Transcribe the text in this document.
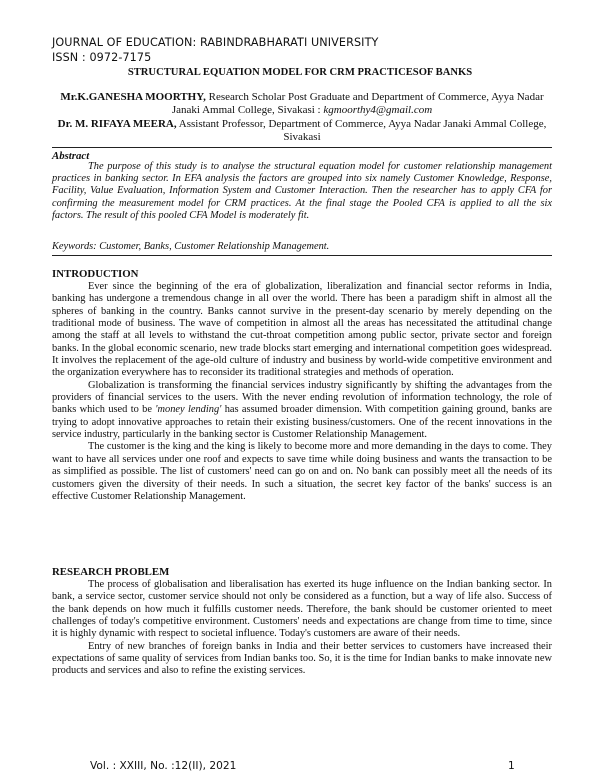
JOURNAL OF EDUCATION: RABINDRABHARATI UNIVERSITY
ISSN : 0972-7175
STRUCTURAL EQUATION MODEL FOR CRM PRACTICESOF BANKS
Mr.K.GANESHA MOORTHY, Research Scholar Post Graduate and Department of Commerce, Ayya Nadar Janaki Ammal College, Sivakasi : kgmoorthy4@gmail.com
Dr. M. RIFAYA MEERA, Assistant Professor, Department of Commerce, Ayya Nadar Janaki Ammal College, Sivakasi
Abstract
The purpose of this study is to analyse the structural equation model for customer relationship management practices in banking sector. In EFA analysis the factors are grouped into six namely Customer Knowledge, Response, Facility, Value Evaluation, Information System and Customer Interaction. Then the researcher has to apply CFA for confirming the measurement model for CRM practices. At the final stage the Pooled CFA is applied to all the six factors. The result of this pooled CFA Model is moderately fit.
Keywords: Customer, Banks, Customer Relationship Management.
INTRODUCTION

Ever since the beginning of the era of globalization, liberalization and financial sector reforms in India, banking has undergone a tremendous change in all over the world. There has been a paradigm shift in almost all the spheres of banking in the country. Banks cannot survive in the present-day scenario by merely depending on the traditional mode of business. The wave of competition in almost all the areas has necessitated the attitudinal change among the staff at all levels to withstand the cut-throat competition among public sector, private sector and foreign banks. In the global economic scenario, new trade blocks start emerging and international competition goes widespread. It involves the replacement of the age-old culture of industry and business by world-wide competitive environment and the organization everywhere has to reconsider its traditional strategies and methods of operation.

Globalization is transforming the financial services industry significantly by shifting the advantages from the providers of financial services to the users. With the never ending revolution of information technology, the role of banks which used to be 'money lending' has assumed broader dimension. With competition gaining ground, banks are trying to adopt innovative approaches to retain their existing business/customers. One of the recent innovations in the service industry, particularly in the banking sector is Customer Relationship Management.

The customer is the king and the king is likely to become more and more demanding in the days to come. They want to have all services under one roof and expects to save time while doing business and wants the transaction to be as simplified as possible. The list of customers' need can go on and on. No bank can possibly meet all the needs of its customers given the diversity of their needs. In such a situation, the secret key factor of the banks' success is an effective Customer Relationship Management.

RESEARCH PROBLEM

The process of globalisation and liberalisation has exerted its huge influence on the Indian banking sector. In bank, a service sector, customer service should not only be considered as a function, but a way of life also. Success of the bank depends on how much it fulfills customer needs. Therefore, the bank should be customer oriented to meet challenges of today's competitive environment. Customers' needs and expectations are change from time to time, since it is highly dynamic with respect to societal influence. Today's customers are aware of their needs.

Entry of new branches of foreign banks in India and their better services to customers have increased their expectations of same quality of services from Indian banks too. So, it is the time for Indian banks to make innovate new products and services and also to refine the existing services.

Vol. : XXIII, No. :12(II), 2021	1
